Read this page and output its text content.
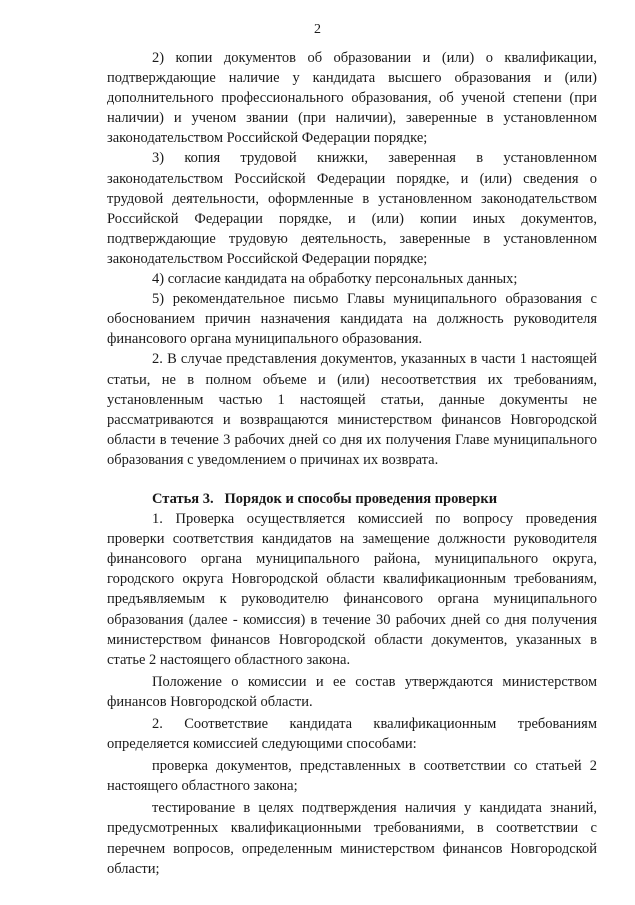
2

2) копии документов об образовании и (или) о квалификации, подтверждающие наличие у кандидата высшего образования и (или) дополнительного профессионального образования, об ученой степени (при наличии) и ученом звании (при наличии), заверенные в установленном законодательством Российской Федерации порядке;

3) копия трудовой книжки, заверенная в установленном законодательством Российской Федерации порядке, и (или) сведения о трудовой деятельности, оформленные в установленном законодательством Российской Федерации порядке, и (или) копии иных документов, подтверждающие трудовую деятельность, заверенные в установленном законодательством Российской Федерации порядке;

4) согласие кандидата на обработку персональных данных;

5) рекомендательное письмо Главы муниципального образования с обоснованием причин назначения кандидата на должность руководителя финансового органа муниципального образования.

2. В случае представления документов, указанных в части 1 настоящей статьи, не в полном объеме и (или) несоответствия их требованиям, установленным частью 1 настоящей статьи, данные документы не рассматриваются и возвращаются министерством финансов Новгородской области в течение 3 рабочих дней со дня их получения Главе муниципального образования с уведомлением о причинах их возврата.

Статья 3.   Порядок и способы проведения проверки

1. Проверка осуществляется комиссией по вопросу проведения проверки соответствия кандидатов на замещение должности руководителя финансового органа муниципального района, муниципального округа, городского округа Новгородской области квалификационным требованиям, предъявляемым к руководителю финансового органа муниципального образования (далее - комиссия) в течение 30 рабочих дней со дня получения министерством финансов Новгородской области документов, указанных в статье 2 настоящего областного закона.

Положение о комиссии и ее состав утверждаются министерством финансов Новгородской области.

2. Соответствие кандидата квалификационным требованиям определяется комиссией следующими способами:

проверка документов, представленных в соответствии со статьей 2 настоящего областного закона;

тестирование в целях подтверждения наличия у кандидата знаний, предусмотренных квалификационными требованиями, в соответствии с перечнем вопросов, определенным министерством финансов Новгородской области;
